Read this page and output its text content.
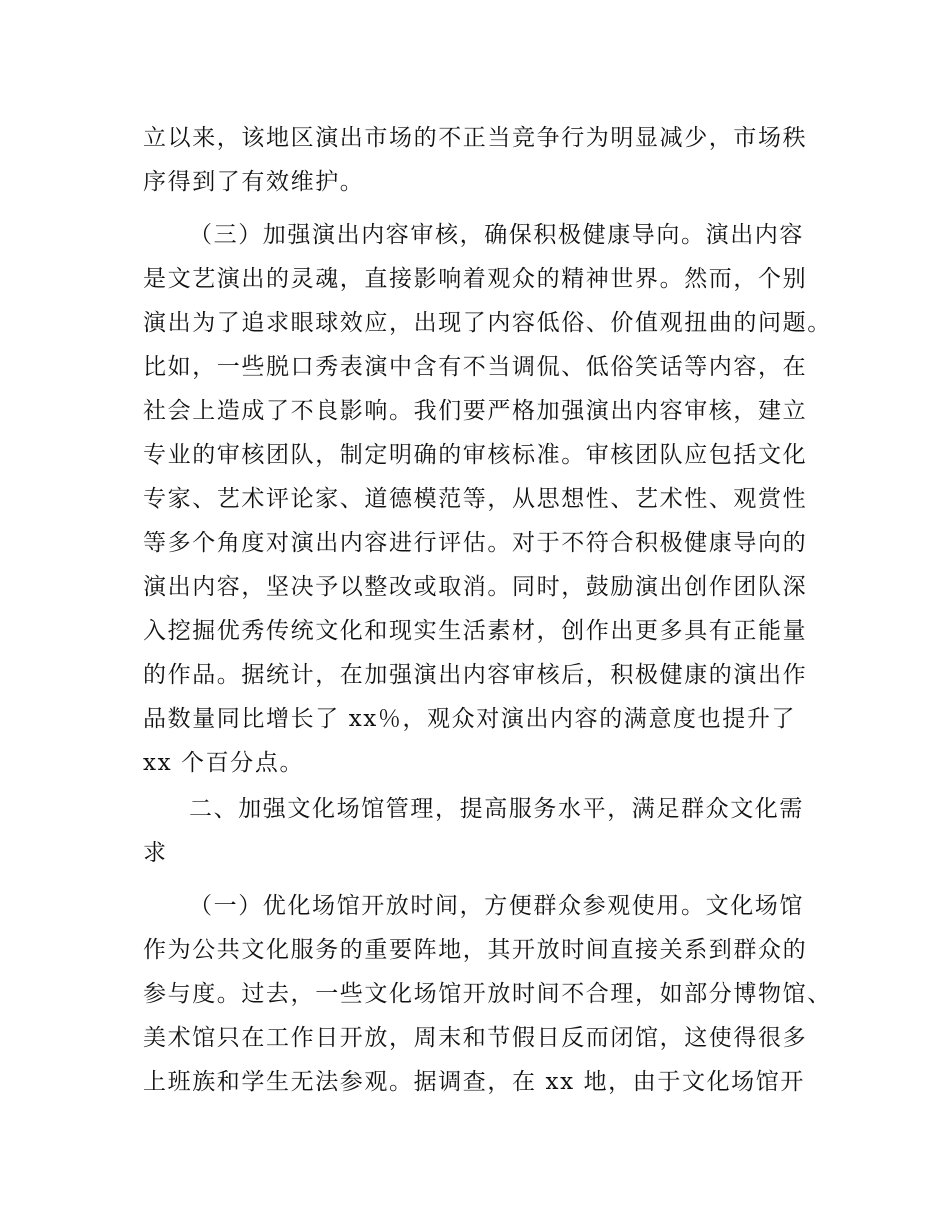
立以来，该地区演出市场的不正当竞争行为明显减少，市场秩
序得到了有效维护。
（三）加强演出内容审核，确保积极健康导向。演出内容
是文艺演出的灵魂，直接影响着观众的精神世界。然而，个别
演出为了追求眼球效应，出现了内容低俗、价值观扭曲的问题。
比如，一些脱口秀表演中含有不当调侃、低俗笑话等内容，在
社会上造成了不良影响。我们要严格加强演出内容审核，建立
专业的审核团队，制定明确的审核标准。审核团队应包括文化
专家、艺术评论家、道德模范等，从思想性、艺术性、观赏性
等多个角度对演出内容进行评估。对于不符合积极健康导向的
演出内容，坚决予以整改或取消。同时，鼓励演出创作团队深
入挖掘优秀传统文化和现实生活素材，创作出更多具有正能量
的作品。据统计，在加强演出内容审核后，积极健康的演出作
品数量同比增长了 xx％，观众对演出内容的满意度也提升了
xx 个百分点。
二、加强文化场馆管理，提高服务水平，满足群众文化需
求
（一）优化场馆开放时间，方便群众参观使用。文化场馆
作为公共文化服务的重要阵地，其开放时间直接关系到群众的
参与度。过去，一些文化场馆开放时间不合理，如部分博物馆、
美术馆只在工作日开放，周末和节假日反而闭馆，这使得很多
上班族和学生无法参观。据调查，在 xx 地，由于文化场馆开
